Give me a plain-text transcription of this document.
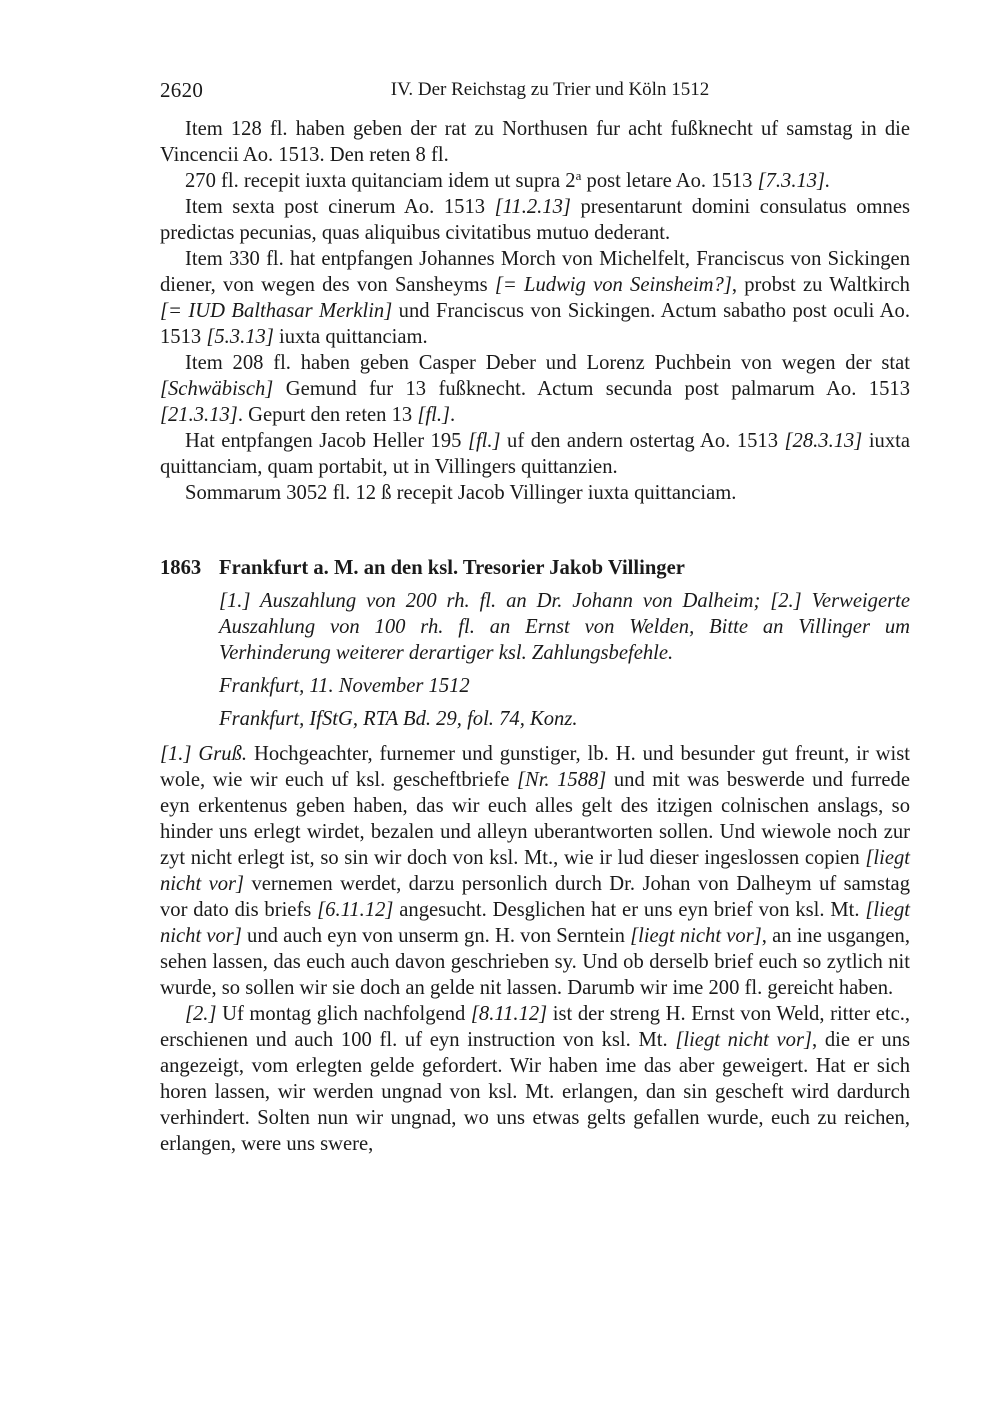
2620	IV. Der Reichstag zu Trier und Köln 1512

Item 128 fl. haben geben der rat zu Northusen fur acht fußknecht uf samstag in die Vincencii Ao. 1513. Den reten 8 fl.

270 fl. recepit iuxta quitanciam idem ut supra 2$^a$ post letare Ao. 1513 [7.3.13].

Item sexta post cinerum Ao. 1513 [11.2.13] presentarunt domini consulatus omnes predictas pecunias, quas aliquibus civitatibus mutuo dederant.

Item 330 fl. hat entpfangen Johannes Morch von Michelfelt, Franciscus von Sickingen diener, von wegen des von Sansheyms [= Ludwig von Seinsheim?], probst zu Waltkirch [= IUD Balthasar Merklin] und Franciscus von Sickingen. Actum sabatho post oculi Ao. 1513 [5.3.13] iuxta quittanciam.

Item 208 fl. haben geben Casper Deber und Lorenz Puchbein von wegen der stat [Schwäbisch] Gemund fur 13 fußknecht. Actum secunda post palmarum Ao. 1513 [21.3.13]. Gepurt den reten 13 [fl.].

Hat entpfangen Jacob Heller 195 [fl.] uf den andern ostertag Ao. 1513 [28.3.13] iuxta quittanciam, quam portabit, ut in Villingers quittanzien.

Sommarum 3052 fl. 12 ß recepit Jacob Villinger iuxta quittanciam.

1863 Frankfurt a. M. an den ksl. Tresorier Jakob Villinger

[1.] Auszahlung von 200 rh. fl. an Dr. Johann von Dalheim; [2.] Verweigerte Auszahlung von 100 rh. fl. an Ernst von Welden, Bitte an Villinger um Verhinderung weiterer derartiger ksl. Zahlungsbefehle.

Frankfurt, 11. November 1512

Frankfurt, IfStG, RTA Bd. 29, fol. 74, Konz.

[1.] Gruß. Hochgeachter, furnemer und gunstiger, lb. H. und besunder gut freunt, ir wist wole, wie wir euch uf ksl. gescheftbriefe [Nr. 1588] und mit was beswerde und furrede eyn erkentenus geben haben, das wir euch alles gelt des itzigen colnischen anslags, so hinder uns erlegt wirdet, bezalen und alleyn uberantworten sollen. Und wiewole noch zur zyt nicht erlegt ist, so sin wir doch von ksl. Mt., wie ir lud dieser ingeslossen copien [liegt nicht vor] vernemen werdet, darzu personlich durch Dr. Johan von Dalheym uf samstag vor dato dis briefs [6.11.12] angesucht. Desglichen hat er uns eyn brief von ksl. Mt. [liegt nicht vor] und auch eyn von unserm gn. H. von Serntein [liegt nicht vor], an ine usgangen, sehen lassen, das euch auch davon geschrieben sy. Und ob derselb brief euch so zytlich nit wurde, so sollen wir sie doch an gelde nit lassen. Darumb wir ime 200 fl. gereicht haben.

[2.] Uf montag glich nachfolgend [8.11.12] ist der streng H. Ernst von Weld, ritter etc., erschienen und auch 100 fl. uf eyn instruction von ksl. Mt. [liegt nicht vor], die er uns angezeigt, vom erlegten gelde gefordert. Wir haben ime das aber geweigert. Hat er sich horen lassen, wir werden ungnad von ksl. Mt. erlangen, dan sin gescheft wird dardurch verhindert. Solten nun wir ungnad, wo uns etwas gelts gefallen wurde, euch zu reichen, erlangen, were uns swere,
